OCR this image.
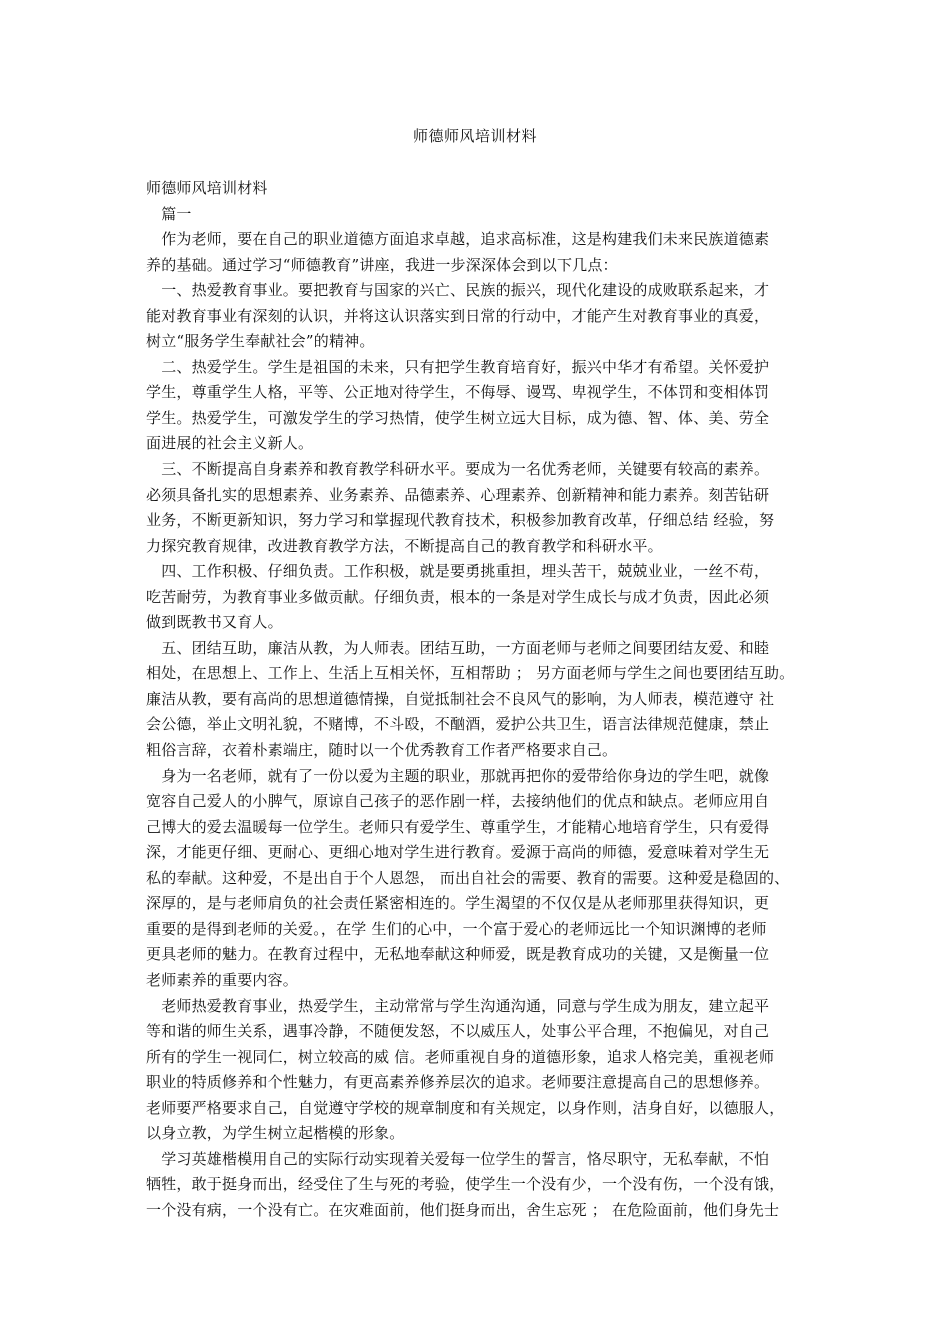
师德师风培训材料
师德师风培训材料
　篇一
　作为老师，要在自己的职业道德方面追求卓越，追求高标准，这是构建我们未来民族道德素
养的基础。通过学习“师德教育”讲座，我进一步深深体会到以下几点：
　一、热爱教育事业。要把教育与国家的兴亡、民族的振兴，现代化建设的成败联系起来，才
能对教育事业有深刻的认识，并将这认识落实到日常的行动中，才能产生对教育事业的真爱，
树立“服务学生奉献社会”的精神。
　二、热爱学生。学生是祖国的未来，只有把学生教育培育好，振兴中华才有希望。关怀爱护
学生，尊重学生人格，平等、公正地对待学生，不侮辱、谩骂、卑视学生，不体罚和变相体罚
学生。热爱学生，可激发学生的学习热情，使学生树立远大目标，成为德、智、体、美、劳全
面进展的社会主义新人。
　三、不断提高自身素养和教育教学科研水平。要成为一名优秀老师，关键要有较高的素养。
必须具备扎实的思想素养、业务素养、品德素养、心理素养、创新精神和能力素养。刻苦钻研
业务，不断更新知识，努力学习和掌握现代教育技术，积极参加教育改革，仔细总结 经验，努
力探究教育规律，改进教育教学方法，不断提高自己的教育教学和科研水平。
　四、工作积极、仔细负责。工作积极，就是要勇挑重担，埋头苦干，兢兢业业，一丝不苟，
吃苦耐劳，为教育事业多做贡献。仔细负责，根本的一条是对学生成长与成才负责，因此必须
做到既教书又育人。
　五、团结互助，廉洁从教，为人师表。团结互助，一方面老师与老师之间要团结友爱、和睦
相处，在思想上、工作上、生活上互相关怀，互相帮助 ； 另方面老师与学生之间也要团结互助。
廉洁从教，要有高尚的思想道德情操，自觉抵制社会不良风气的影响，为人师表，模范遵守 社
会公德，举止文明礼貌，不赌博，不斗殴，不酗酒，爱护公共卫生，语言法律规范健康，禁止
粗俗言辞，衣着朴素端庄，随时以一个优秀教育工作者严格要求自己。
　身为一名老师，就有了一份以爱为主题的职业，那就再把你的爱带给你身边的学生吧，就像
宽容自己爱人的小脾气，原谅自己孩子的恶作剧一样，去接纳他们的优点和缺点。老师应用自
己博大的爱去温暖每一位学生。老师只有爱学生、尊重学生，才能精心地培育学生，只有爱得
深，才能更仔细、更耐心、更细心地对学生进行教育。爱源于高尚的师德，爱意味着对学生无
私的奉献。这种爱，不是出自于个人恩怨， 而出自社会的需要、教育的需要。这种爱是稳固的、
深厚的，是与老师肩负的社会责任紧密相连的。学生渴望的不仅仅是从老师那里获得知识，更
重要的是得到老师的关爱。，在学 生们的心中，一个富于爱心的老师远比一个知识渊博的老师
更具老师的魅力。在教育过程中，无私地奉献这种师爱，既是教育成功的关键，又是衡量一位
老师素养的重要内容。
　老师热爱教育事业，热爱学生，主动常常与学生沟通沟通，同意与学生成为朋友，建立起平
等和谐的师生关系，遇事冷静，不随便发怒，不以威压人，处事公平合理，不抱偏见，对自己
所有的学生一视同仁，树立较高的威 信。老师重视自身的道德形象，追求人格完美，重视老师
职业的特质修养和个性魅力，有更高素养修养层次的追求。老师要注意提高自己的思想修养。
老师要严格要求自己，自觉遵守学校的规章制度和有关规定，以身作则，洁身自好，以德服人，
以身立教，为学生树立起楷模的形象。
　学习英雄楷模用自己的实际行动实现着关爱每一位学生的誓言，恪尽职守，无私奉献，不怕
牺牲，敢于挺身而出，经受住了生与死的考验，使学生一个没有少，一个没有伤，一个没有饿，
一个没有病，一个没有亡。在灾难面前，他们挺身而出，舍生忘死 ； 在危险面前，他们身先士
